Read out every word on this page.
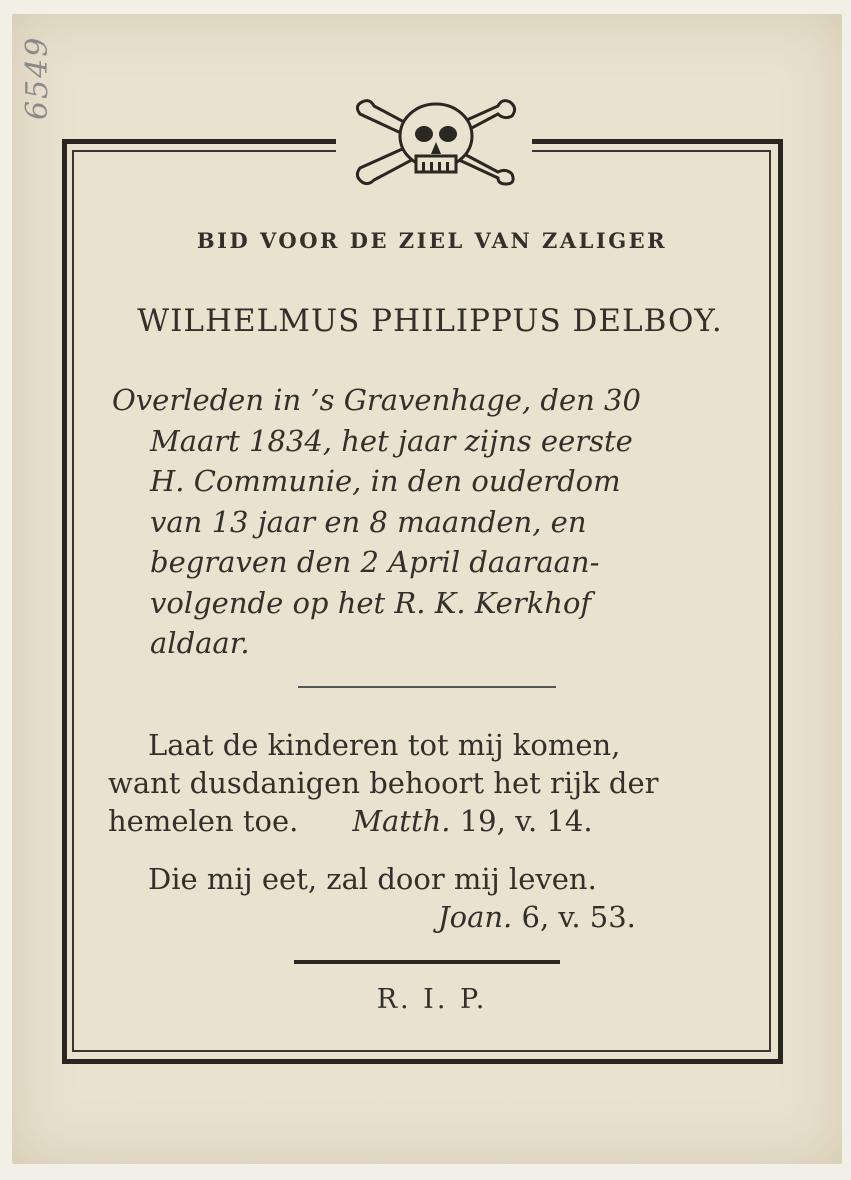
6549
BID VOOR DE ZIEL VAN ZALIGER
WILHELMUS PHILIPPUS DELBOY.
Overleden in ’s Gravenhage, den 30
Maart 1834, het jaar zijns eerste
H. Communie, in den ouderdom
van 13 jaar en 8 maanden, en
begraven den 2 April daaraan-
volgende op het R. K. Kerkhof
aldaar.
Laat de kinderen tot mij komen,
want dusdanigen behoort het rijk der
hemelen toe. Matth. 19, v. 14.
Die mij eet, zal door mij leven.
Joan. 6, v. 53.
R. I. P.
